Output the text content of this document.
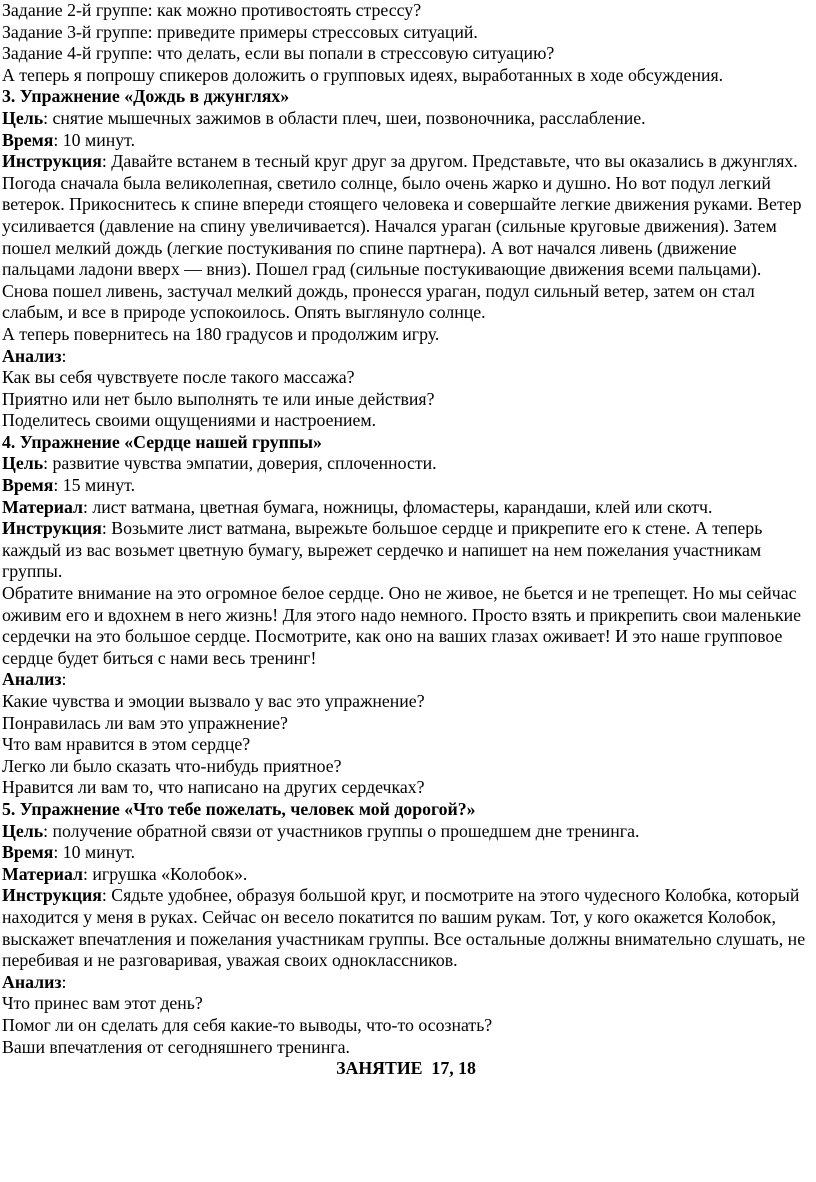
Задание 2-й группе: как можно противостоять стрессу?

Задание 3-й группе: приведите примеры стрессовых ситуаций.

Задание 4-й группе: что делать, если вы попали в стрессовую ситуацию?

А теперь я попрошу спикеров доложить о групповых идеях, выработанных в ходе обсуждения.

3. Упражнение «Дождь в джунглях»

Цель: снятие мышечных зажимов в области плеч, шеи, позвоночника, расслабление.

Время: 10 минут.

Инструкция: Давайте встанем в тесный круг друг за другом. Представьте, что вы оказались в джунглях. Погода сначала была великолепная, светило солнце, было очень жарко и душно. Но вот подул легкий ветерок. Прикоснитесь к спине впереди стоящего человека и совершайте легкие движения руками. Ветер усиливается (давление на спину увеличивается). Начался ураган (сильные круговые движения). Затем пошел мелкий дождь (легкие постукивания по спине партнера). А вот начался ливень (движение пальцами ладони вверх — вниз). Пошел град (сильные постукивающие движения всеми пальцами). Снова пошел ливень, застучал мелкий дождь, пронесся ураган, подул сильный ветер, затем он стал слабым, и все в природе успокоилось. Опять выглянуло солнце.

А теперь повернитесь на 180 градусов и продолжим игру.

Анализ:

Как вы себя чувствуете после такого массажа?

Приятно или нет было выполнять те или иные действия?

Поделитесь своими ощущениями и настроением.

4. Упражнение «Сердце нашей группы»

Цель: развитие чувства эмпатии, доверия, сплоченности.

Время: 15 минут.

Материал: лист ватмана, цветная бумага, ножницы, фломастеры, карандаши, клей или скотч.

Инструкция: Возьмите лист ватмана, вырежьте большое сердце и прикрепите его к стене. А теперь каждый из вас возьмет цветную бумагу, вырежет сердечко и напишет на нем пожелания участникам группы.

Обратите внимание на это огромное белое сердце. Оно не живое, не бьется и не трепещет. Но мы сейчас оживим его и вдохнем в него жизнь! Для этого надо немного. Просто взять и прикрепить свои маленькие сердечки на это большое сердце. Посмотрите, как оно на ваших глазах оживает! И это наше групповое сердце будет биться с нами весь тренинг!

Анализ:

Какие чувства и эмоции вызвало у вас это упражнение?

Понравилась ли вам это упражнение?

Что вам нравится в этом сердце?

Легко ли было сказать что-нибудь приятное?

Нравится ли вам то, что написано на других сердечках?

5. Упражнение «Что тебе пожелать, человек мой дорогой?»

Цель: получение обратной связи от участников группы о прошедшем дне тренинга.

Время: 10 минут.

Материал: игрушка «Колобок».

Инструкция: Сядьте удобнее, образуя большой круг, и посмотрите на этого чудесного Колобка, который находится у меня в руках. Сейчас он весело покатится по вашим рукам. Тот, у кого окажется Колобок, выскажет впечатления и пожелания участникам группы. Все остальные должны внимательно слушать, не перебивая и не разговаривая, уважая своих одноклассников.

Анализ:

Что принес вам этот день?

Помог ли он сделать для себя какие-то выводы, что-то осознать?

Ваши впечатления от сегодняшнего тренинга.

ЗАНЯТИЕ  17, 18
